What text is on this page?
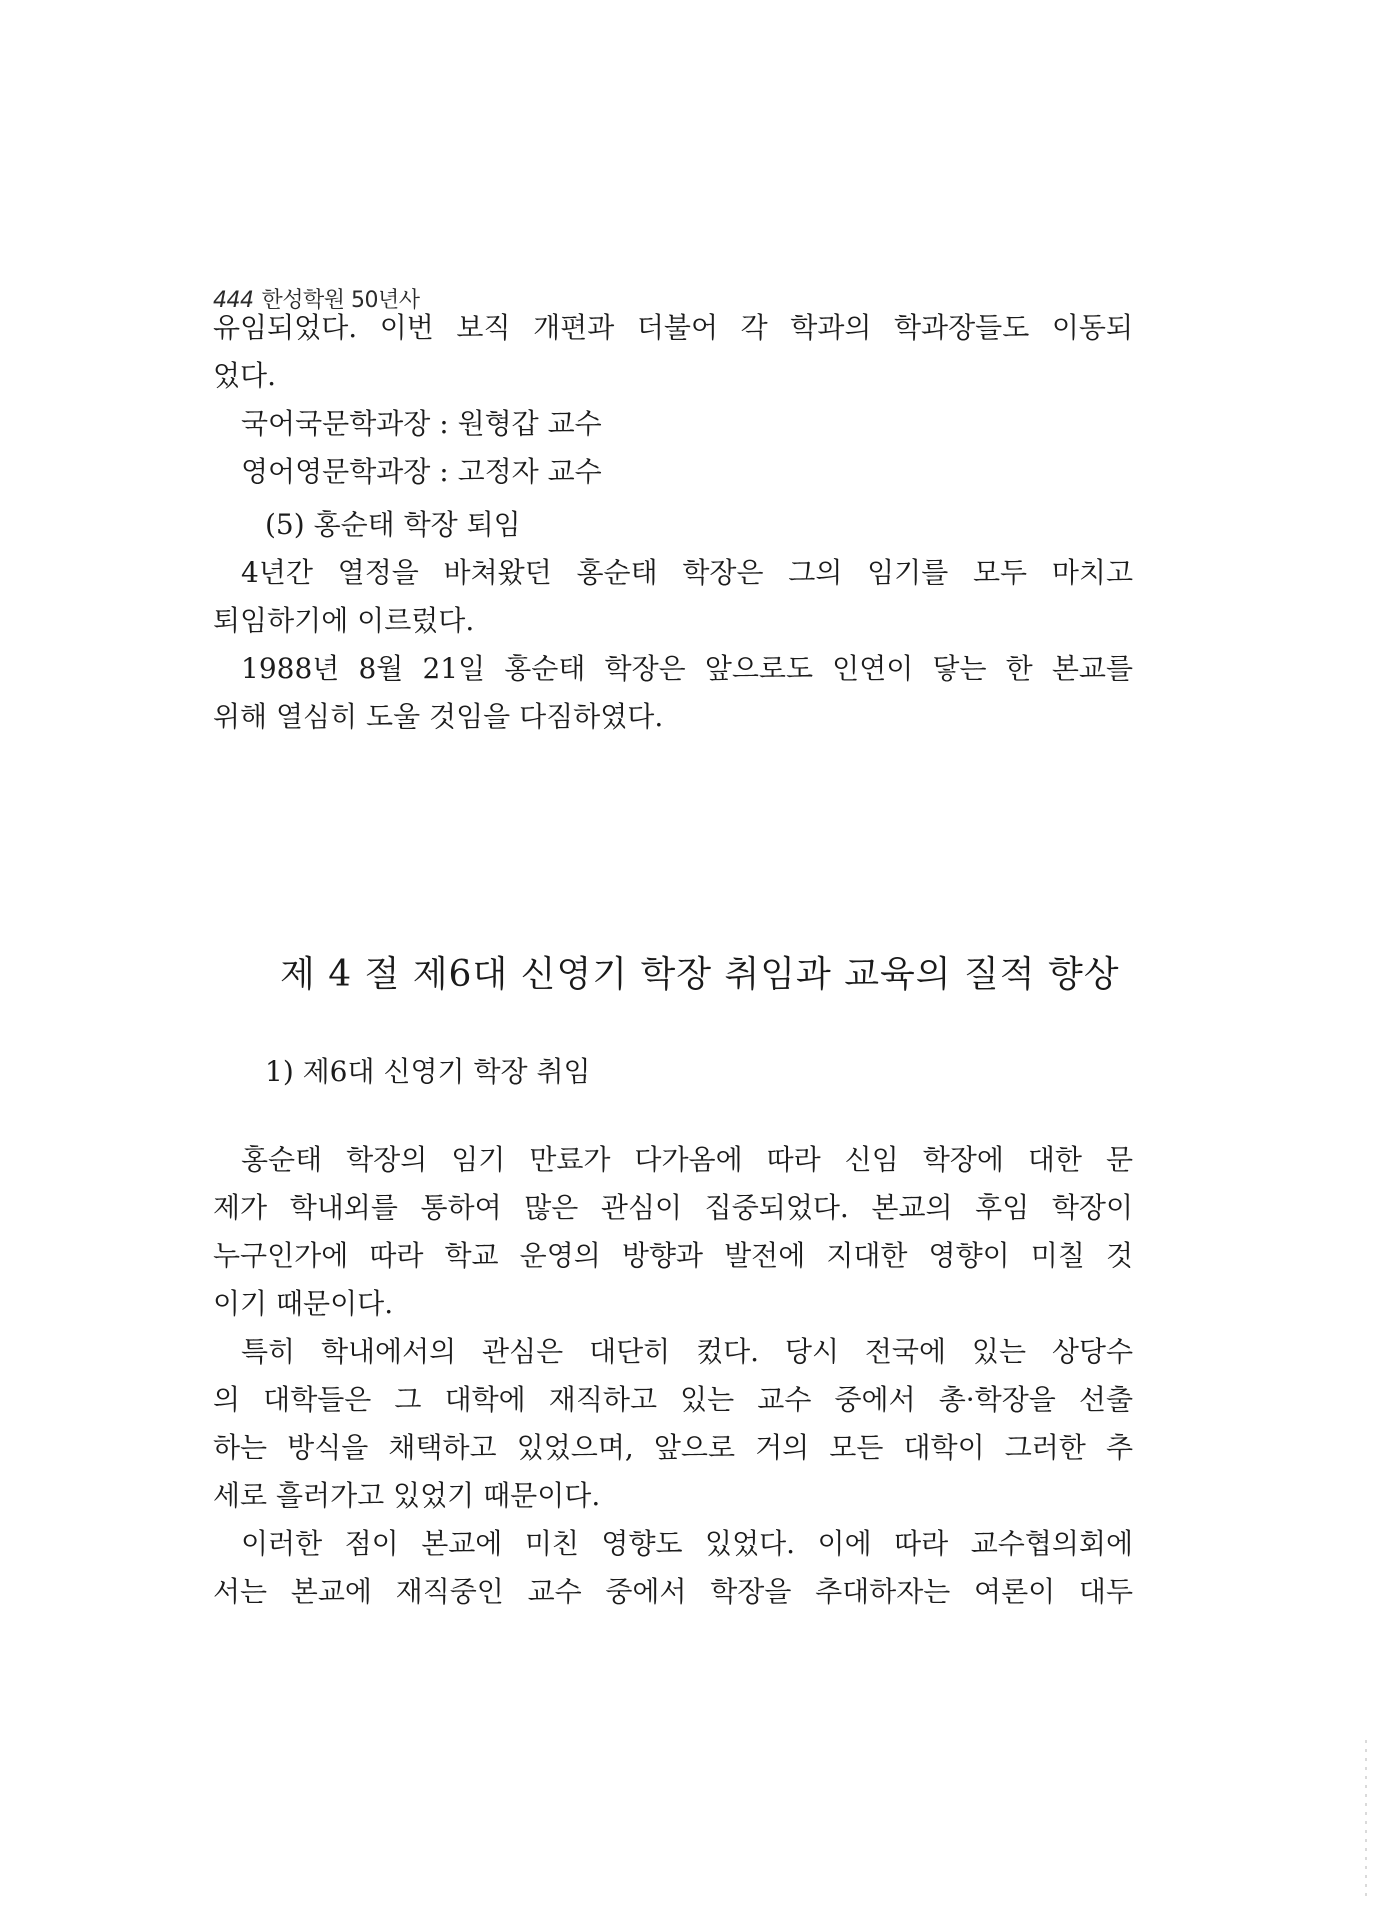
444 한성학원 50년사
유임되었다. 이번 보직 개편과 더불어 각 학과의 학과장들도 이동되
었다.
국어국문학과장 : 원형갑 교수
영어영문학과장 : 고정자 교수
(5) 홍순태 학장 퇴임
4년간 열정을 바쳐왔던 홍순태 학장은 그의 임기를 모두 마치고
퇴임하기에 이르렀다.
1988년 8월 21일 홍순태 학장은 앞으로도 인연이 닿는 한 본교를
위해 열심히 도울 것임을 다짐하였다.
제 4 절 제6대 신영기 학장 취임과 교육의 질적 향상
1) 제6대 신영기 학장 취임
홍순태 학장의 임기 만료가 다가옴에 따라 신임 학장에 대한 문
제가 학내외를 통하여 많은 관심이 집중되었다. 본교의 후임 학장이
누구인가에 따라 학교 운영의 방향과 발전에 지대한 영향이 미칠 것
이기 때문이다.
특히 학내에서의 관심은 대단히 컸다. 당시 전국에 있는 상당수
의 대학들은 그 대학에 재직하고 있는 교수 중에서 총·학장을 선출
하는 방식을 채택하고 있었으며, 앞으로 거의 모든 대학이 그러한 추
세로 흘러가고 있었기 때문이다.
이러한 점이 본교에 미친 영향도 있었다. 이에 따라 교수협의회에
서는 본교에 재직중인 교수 중에서 학장을 추대하자는 여론이 대두
